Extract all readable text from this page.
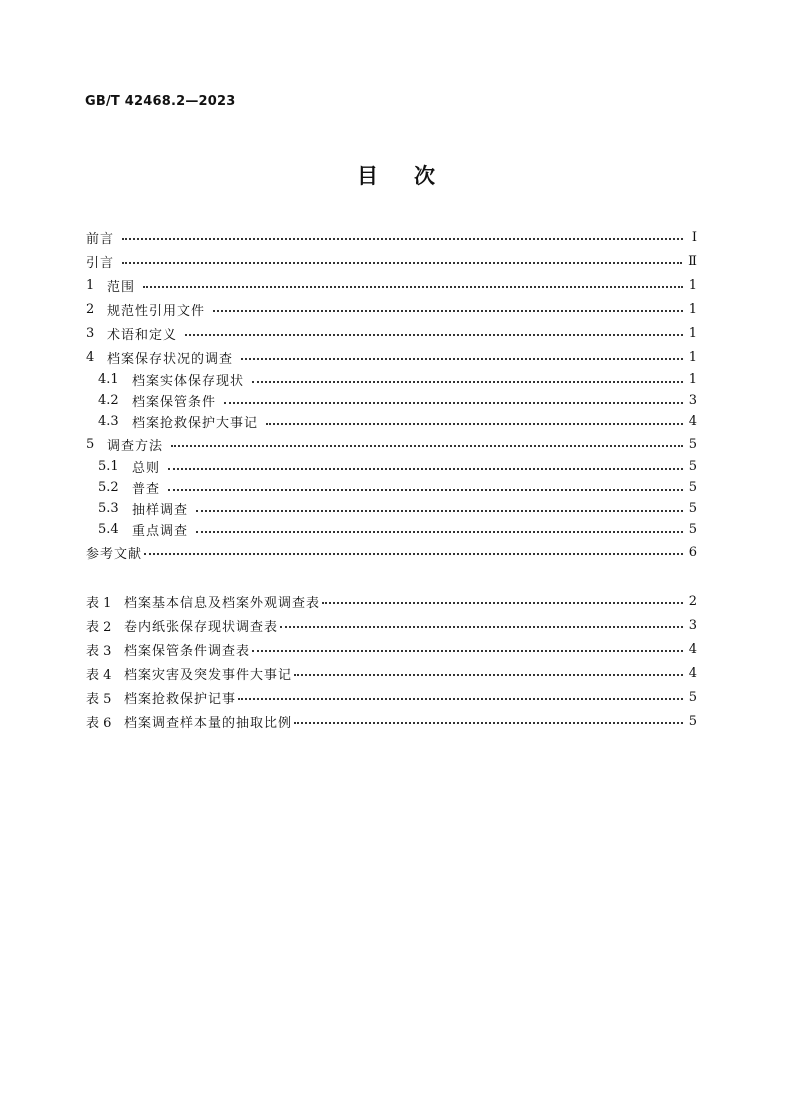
GB/T 42468.2—2023
目次
前言	Ⅰ
引言	Ⅱ
1 范围	1
2 规范性引用文件	1
3 术语和定义	1
4 档案保存状况的调查	1
4.1	档案实体保存现状	1
4.2	档案保管条件	3
4.3	档案抢救保护大事记	4
5 调查方法	5
5.1	总则	5
5.2	普查	5
5.3	抽样调查	5
5.4	重点调查	5
参考文献	6
表 1 档案基本信息及档案外观调查表	2
表 2 卷内纸张保存现状调查表	3
表 3 档案保管条件调查表	4
表 4 档案灾害及突发事件大事记	4
表 5 档案抢救保护记事	5
表 6 档案调查样本量的抽取比例	5
